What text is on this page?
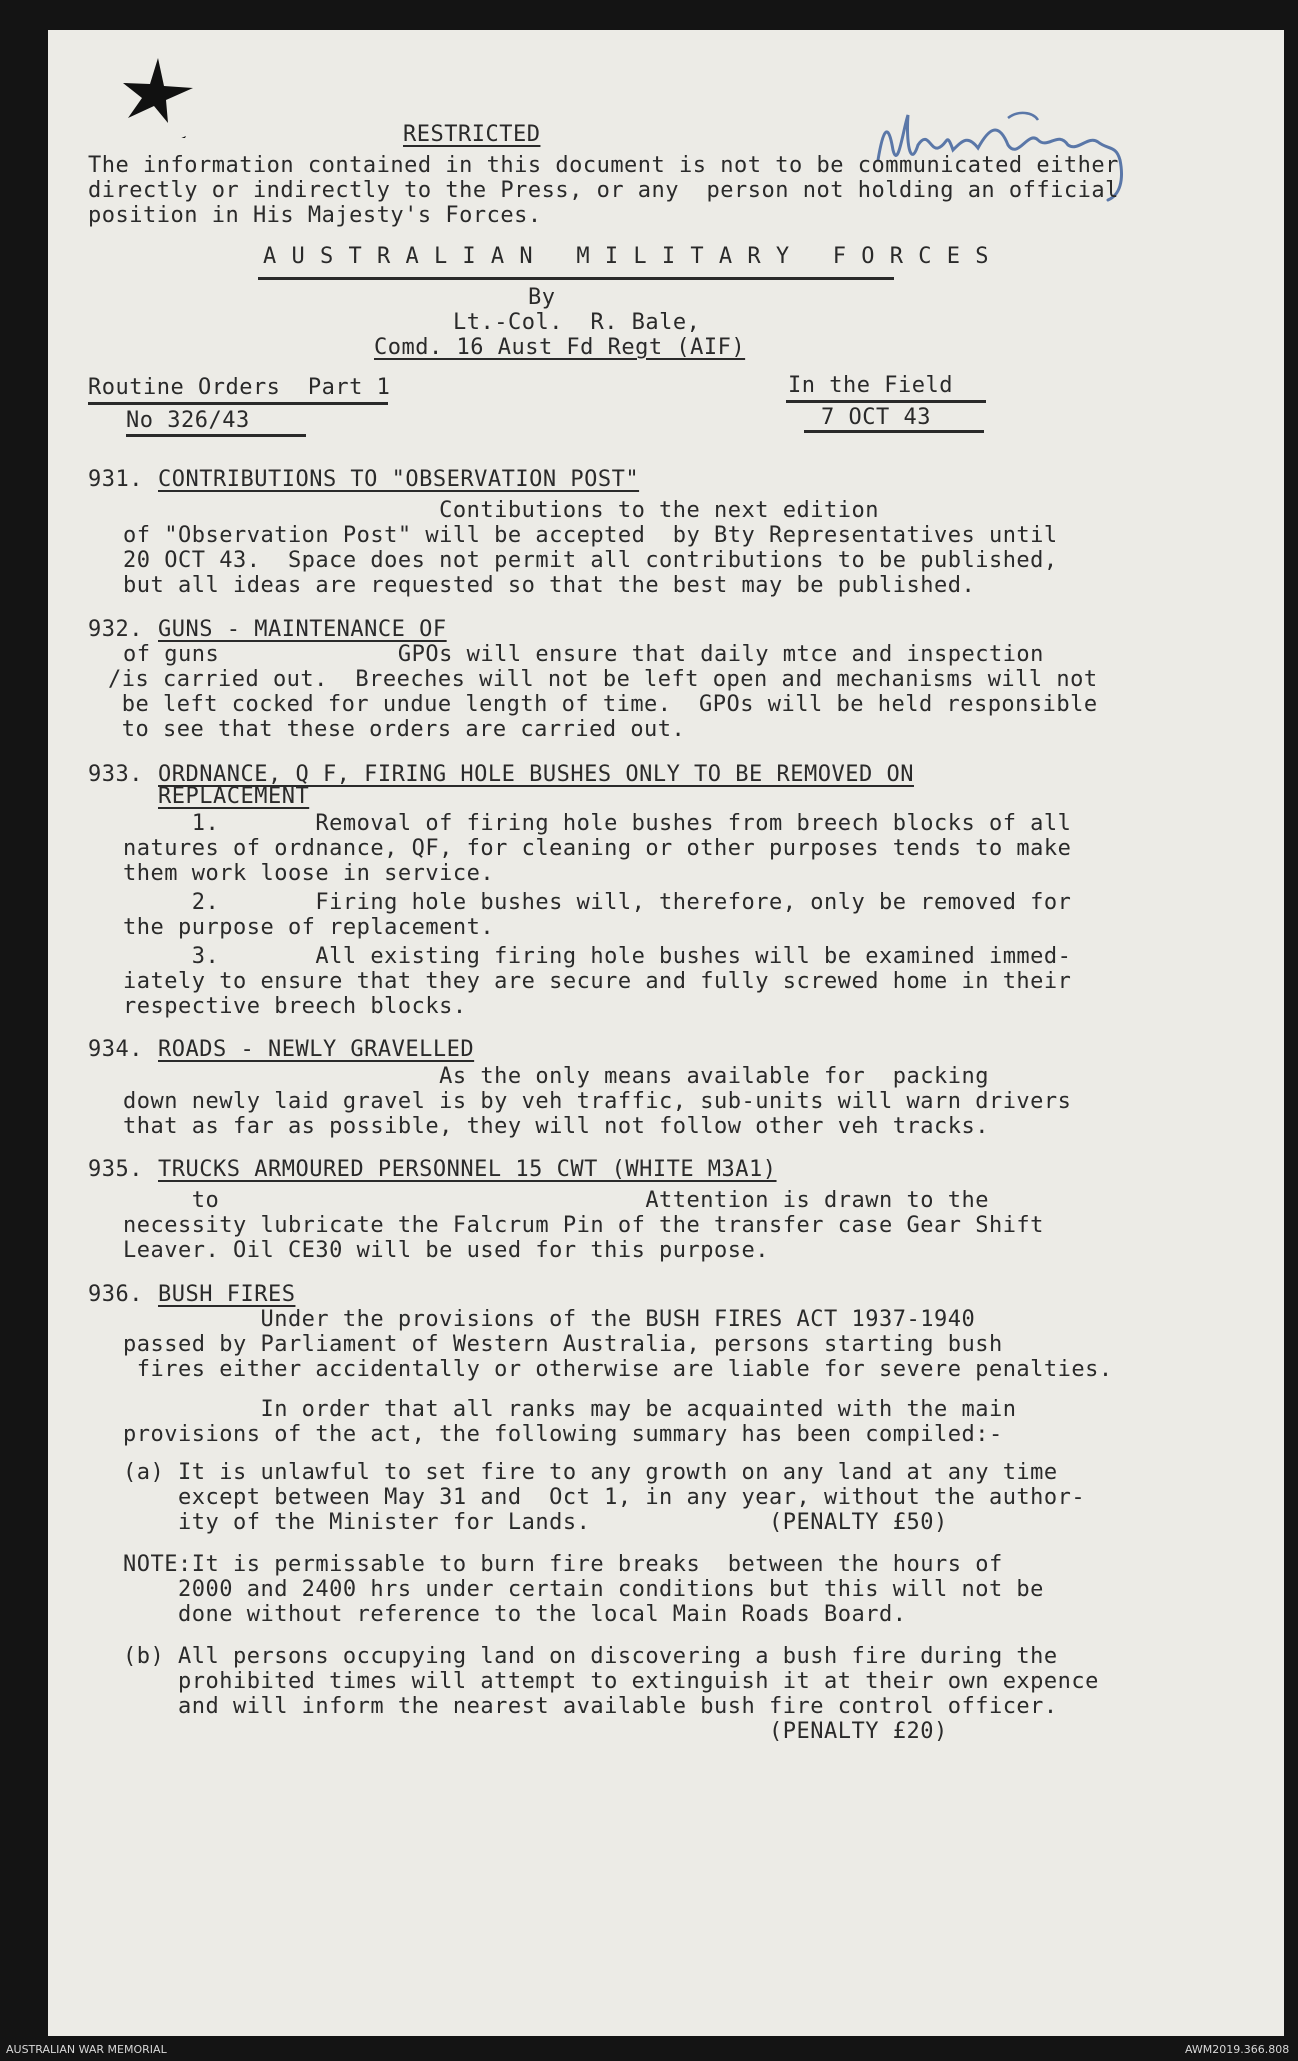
RESTRICTED
The information contained in this document is not to be communicated either
directly or indirectly to the Press, or any  person not holding an official
position in His Majesty's Forces.
A U S T R A L I A N   M I L I T A R Y   F O R C E S
By
Lt.-Col.  R. Bale,
Comd. 16 Aust Fd Regt (AIF)
Routine Orders  Part 1
No 326/43
In the Field
7 OCT 43
931. CONTRIBUTIONS TO "OBSERVATION POST"
Contibutions to the next edition
of "Observation Post" will be accepted  by Bty Representatives until
20 OCT 43.  Space does not permit all contributions to be published,
but all ideas are requested so that the best may be published.
932. GUNS - MAINTENANCE OF
of guns             GPOs will ensure that daily mtce and inspection
/is carried out.  Breeches will not be left open and mechanisms will not
be left cocked for undue length of time.  GPOs will be held responsible
to see that these orders are carried out.
933. ORDNANCE, Q F, FIRING HOLE BUSHES ONLY TO BE REMOVED ON
REPLACEMENT
1.       Removal of firing hole bushes from breech blocks of all
natures of ordnance, QF, for cleaning or other purposes tends to make
them work loose in service.
2.       Firing hole bushes will, therefore, only be removed for
the purpose of replacement.
3.       All existing firing hole bushes will be examined immed-
iately to ensure that they are secure and fully screwed home in their
respective breech blocks.
934. ROADS - NEWLY GRAVELLED
As the only means available for  packing
down newly laid gravel is by veh traffic, sub-units will warn drivers
that as far as possible, they will not follow other veh tracks.
935. TRUCKS ARMOURED PERSONNEL 15 CWT (WHITE M3A1)
to                               Attention is drawn to the
necessity lubricate the Falcrum Pin of the transfer case Gear Shift
Leaver. Oil CE30 will be used for this purpose.
936. BUSH FIRES
Under the provisions of the BUSH FIRES ACT 1937-1940
passed by Parliament of Western Australia, persons starting bush
fires either accidentally or otherwise are liable for severe penalties.
In order that all ranks may be acquainted with the main
provisions of the act, the following summary has been compiled:-
(a) It is unlawful to set fire to any growth on any land at any time
except between May 31 and  Oct 1, in any year, without the author-
ity of the Minister for Lands.             (PENALTY £50)
NOTE:It is permissable to burn fire breaks  between the hours of
2000 and 2400 hrs under certain conditions but this will not be
done without reference to the local Main Roads Board.
(b) All persons occupying land on discovering a bush fire during the
prohibited times will attempt to extinguish it at their own expence
and will inform the nearest available bush fire control officer.
(PENALTY £20)
AUSTRALIAN WAR MEMORIAL	AWM2019.366.808
